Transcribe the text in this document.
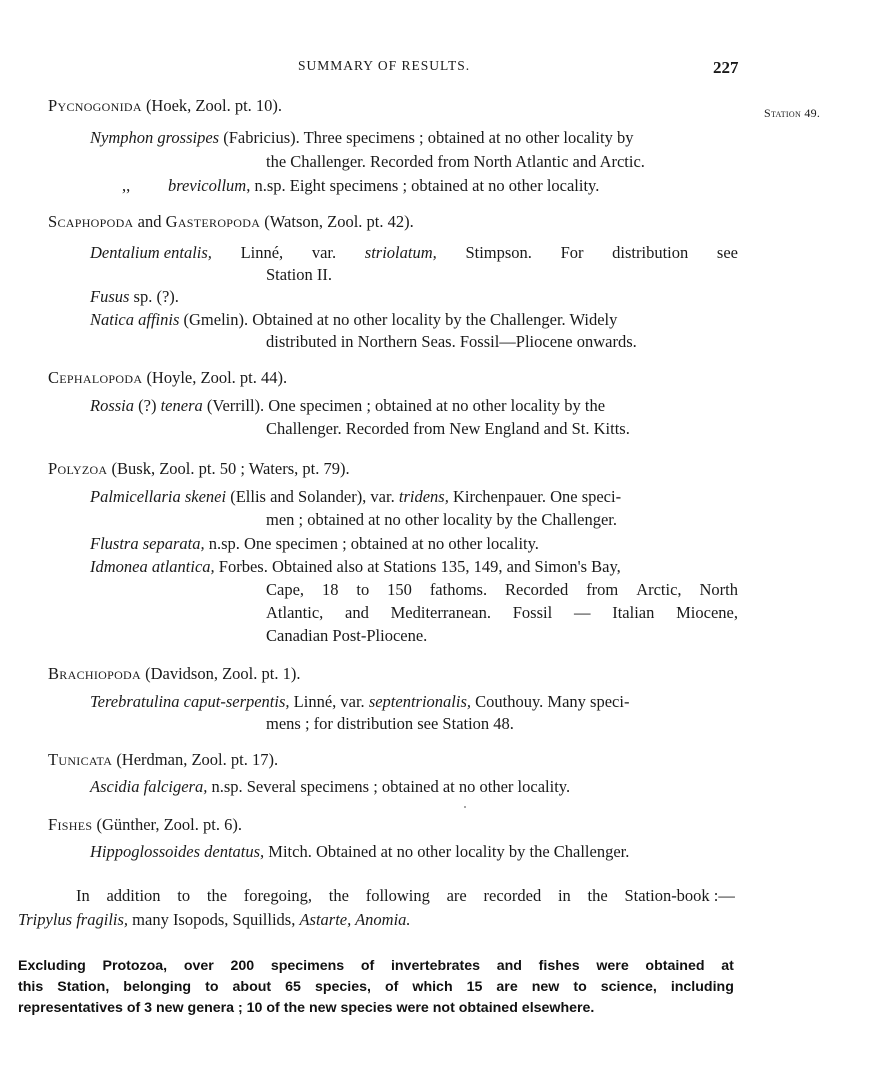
SUMMARY OF RESULTS.	227
Station 49.
Pycnogonida (Hoek, Zool. pt. 10).
Nymphon grossipes (Fabricius). Three specimens ; obtained at no other locality by
the Challenger. Recorded from North Atlantic and Arctic.
,, brevicollum, n.sp. Eight specimens ; obtained at no other locality.
Scaphopoda and Gasteropoda (Watson, Zool. pt. 42).
Dentalium entalis, Linné, var. striolatum, Stimpson. For distribution see
Station II.
Fusus sp. (?).
Natica affinis (Gmelin). Obtained at no other locality by the Challenger. Widely
distributed in Northern Seas. Fossil—Pliocene onwards.
Cephalopoda (Hoyle, Zool. pt. 44).
Rossia (?) tenera (Verrill). One specimen ; obtained at no other locality by the
Challenger. Recorded from New England and St. Kitts.
Polyzoa (Busk, Zool. pt. 50 ; Waters, pt. 79).
Palmicellaria skenei (Ellis and Solander), var. tridens, Kirchenpauer. One speci-
men ; obtained at no other locality by the Challenger.
Flustra separata, n.sp. One specimen ; obtained at no other locality.
Idmonea atlantica, Forbes. Obtained also at Stations 135, 149, and Simon's Bay,
Cape, 18 to 150 fathoms. Recorded from Arctic, North
Atlantic, and Mediterranean. Fossil — Italian Miocene,
Canadian Post-Pliocene.
Brachiopoda (Davidson, Zool. pt. 1).
Terebratulina caput-serpentis, Linné, var. septentrionalis, Couthouy. Many speci-
mens ; for distribution see Station 48.
Tunicata (Herdman, Zool. pt. 17).
Ascidia falcigera, n.sp. Several specimens ; obtained at no other locality.
Fishes (Günther, Zool. pt. 6).
Hippoglossoides dentatus, Mitch. Obtained at no other locality by the Challenger.
In addition to the foregoing, the following are recorded in the Station-book :—
Tripylus fragilis, many Isopods, Squillids, Astarte, Anomia.
Excluding Protozoa, over 200 specimens of invertebrates and fishes were obtained at
this Station, belonging to about 65 species, of which 15 are new to science, including
representatives of 3 new genera ; 10 of the new species were not obtained elsewhere.
